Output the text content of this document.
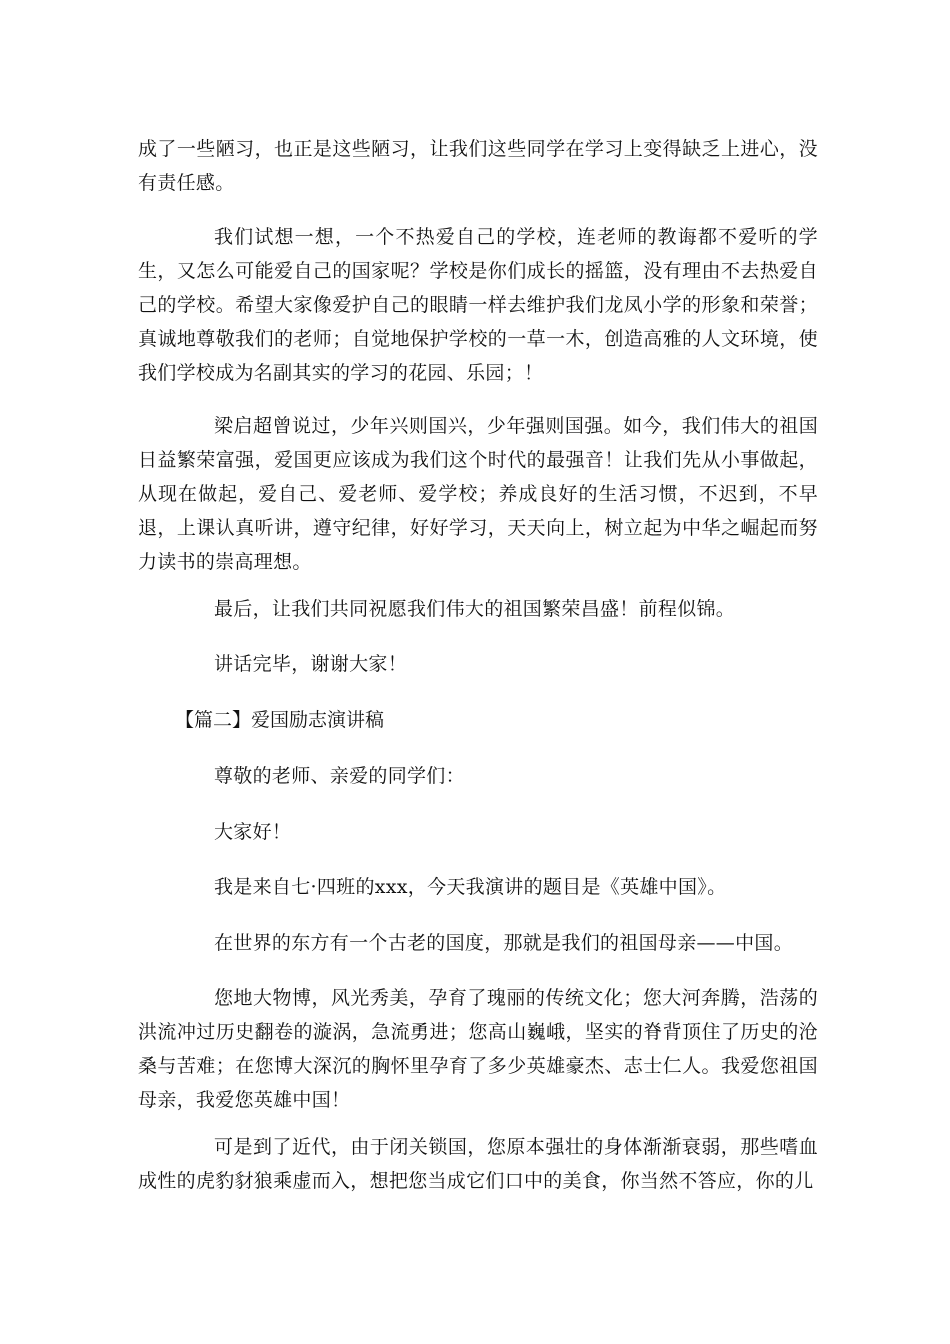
成了一些陋习，也正是这些陋习，让我们这些同学在学习上变得缺乏上进心，没有责任感。

我们试想一想，一个不热爱自己的学校，连老师的教诲都不爱听的学生，又怎么可能爱自己的国家呢？学校是你们成长的摇篮，没有理由不去热爱自己的学校。希望大家像爱护自己的眼睛一样去维护我们龙凤小学的形象和荣誉；真诚地尊敬我们的老师；自觉地保护学校的一草一木，创造高雅的人文环境，使我们学校成为名副其实的学习的花园、乐园；！

梁启超曾说过，少年兴则国兴，少年强则国强。如今，我们伟大的祖国日益繁荣富强，爱国更应该成为我们这个时代的最强音！让我们先从小事做起，从现在做起，爱自己、爱老师、爱学校；养成良好的生活习惯，不迟到，不早退，上课认真听讲，遵守纪律，好好学习，天天向上，树立起为中华之崛起而努力读书的崇高理想。

最后，让我们共同祝愿我们伟大的祖国繁荣昌盛！前程似锦。

讲话完毕，谢谢大家！

【篇二】爱国励志演讲稿

尊敬的老师、亲爱的同学们：

大家好！

我是来自七·四班的xxx，今天我演讲的题目是《英雄中国》。

在世界的东方有一个古老的国度，那就是我们的祖国母亲——中国。

您地大物博，风光秀美，孕育了瑰丽的传统文化；您大河奔腾，浩荡的洪流冲过历史翻卷的漩涡，急流勇进；您高山巍峨，坚实的脊背顶住了历史的沧桑与苦难；在您博大深沉的胸怀里孕育了多少英雄豪杰、志士仁人。我爱您祖国母亲，我爱您英雄中国！

可是到了近代，由于闭关锁国，您原本强壮的身体渐渐衰弱，那些嗜血成性的虎豹豺狼乘虚而入，想把您当成它们口中的美食，你当然不答应，你的儿
